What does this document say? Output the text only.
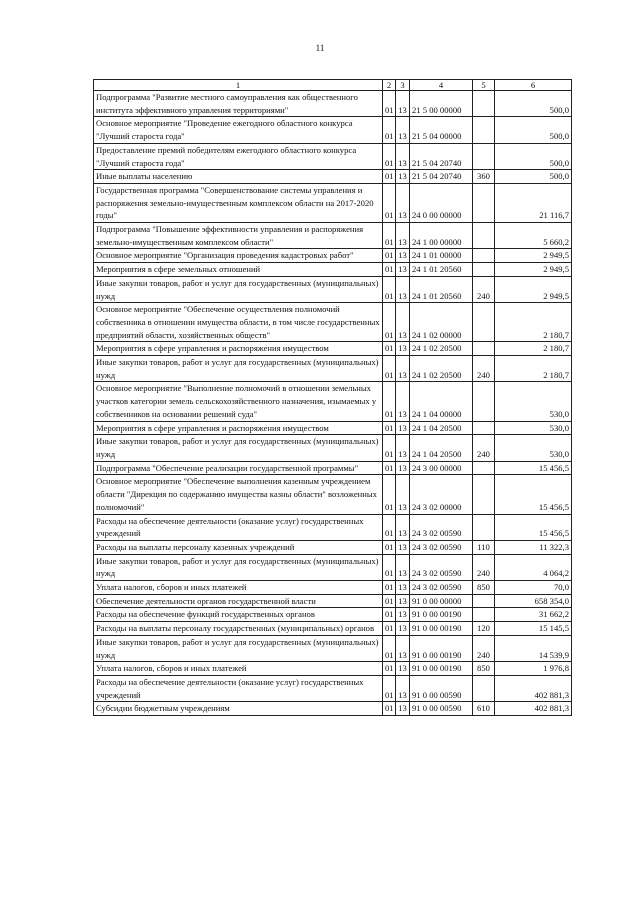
11
1	2	3	4	5	6
Подпрограмма "Развитие местного самоуправления как общественного института эффективного управления территориями"	01	13	21 5 00 00000		500,0
Основное мероприятие "Проведение ежегодного областного конкурса "Лучший староста года"	01	13	21 5 04 00000		500,0
Предоставление премий победителям ежегодного областного конкурса "Лучший староста года"	01	13	21 5 04 20740		500,0
Иные выплаты населению	01	13	21 5 04 20740	360	500,0
Государственная программа "Совершенствование системы управления и распоряжения земельно-имущественным комплексом области на 2017-2020 годы"	01	13	24 0 00 00000		21 116,7
Подпрограмма "Повышение эффективности управления и распоряжения земельно-имущественным комплексом области"	01	13	24 1 00 00000		5 660,2
Основное мероприятие "Организация проведения кадастровых работ"	01	13	24 1 01 00000		2 949,5
Мероприятия в сфере земельных отношений	01	13	24 1 01 20560		2 949,5
Иные закупки товаров, работ и услуг для государственных (муниципальных) нужд	01	13	24 1 01 20560	240	2 949,5
Основное мероприятие "Обеспечение осуществления полномочий собственника в отношении имущества области, в том числе государственных предприятий области, хозяйственных обществ"	01	13	24 1 02 00000		2 180,7
Мероприятия в сфере управления и распоряжения имуществом	01	13	24 1 02 20500		2 180,7
Иные закупки товаров, работ и услуг для государственных (муниципальных) нужд	01	13	24 1 02 20500	240	2 180,7
Основное мероприятие "Выполнение полномочий в отношении земельных участков категории земель сельскохозяйственного назначения, изымаемых у собственников на основании решений суда"	01	13	24 1 04 00000		530,0
Мероприятия в сфере управления и распоряжения имуществом	01	13	24 1 04 20500		530,0
Иные закупки товаров, работ и услуг для государственных (муниципальных) нужд	01	13	24 1 04 20500	240	530,0
Подпрограмма "Обеспечение реализации государственной программы"	01	13	24 3 00 00000		15 456,5
Основное мероприятие "Обеспечение выполнения казенным учреждением области "Дирекция по содержанию имущества казны области" возложенных полномочий"	01	13	24 3 02 00000		15 456,5
Расходы на обеспечение деятельности (оказание услуг) государственных учреждений	01	13	24 3 02 00590		15 456,5
Расходы на выплаты персоналу казенных учреждений	01	13	24 3 02 00590	110	11 322,3
Иные закупки товаров, работ и услуг для государственных (муниципальных) нужд	01	13	24 3 02 00590	240	4 064,2
Уплата налогов, сборов и иных платежей	01	13	24 3 02 00590	850	70,0
Обеспечение деятельности органов государственной власти	01	13	91 0 00 00000		658 354,0
Расходы на обеспечение функций государственных органов	01	13	91 0 00 00190		31 662,2
Расходы на выплаты персоналу государственных (муниципальных) органов	01	13	91 0 00 00190	120	15 145,5
Иные закупки товаров, работ и услуг для государственных (муниципальных) нужд	01	13	91 0 00 00190	240	14 539,9
Уплата налогов, сборов и иных платежей	01	13	91 0 00 00190	850	1 976,8
Расходы на обеспечение деятельности (оказание услуг) государственных учреждений	01	13	91 0 00 00590		402 881,3
Субсидии бюджетным учреждениям	01	13	91 0 00 00590	610	402 881,3
